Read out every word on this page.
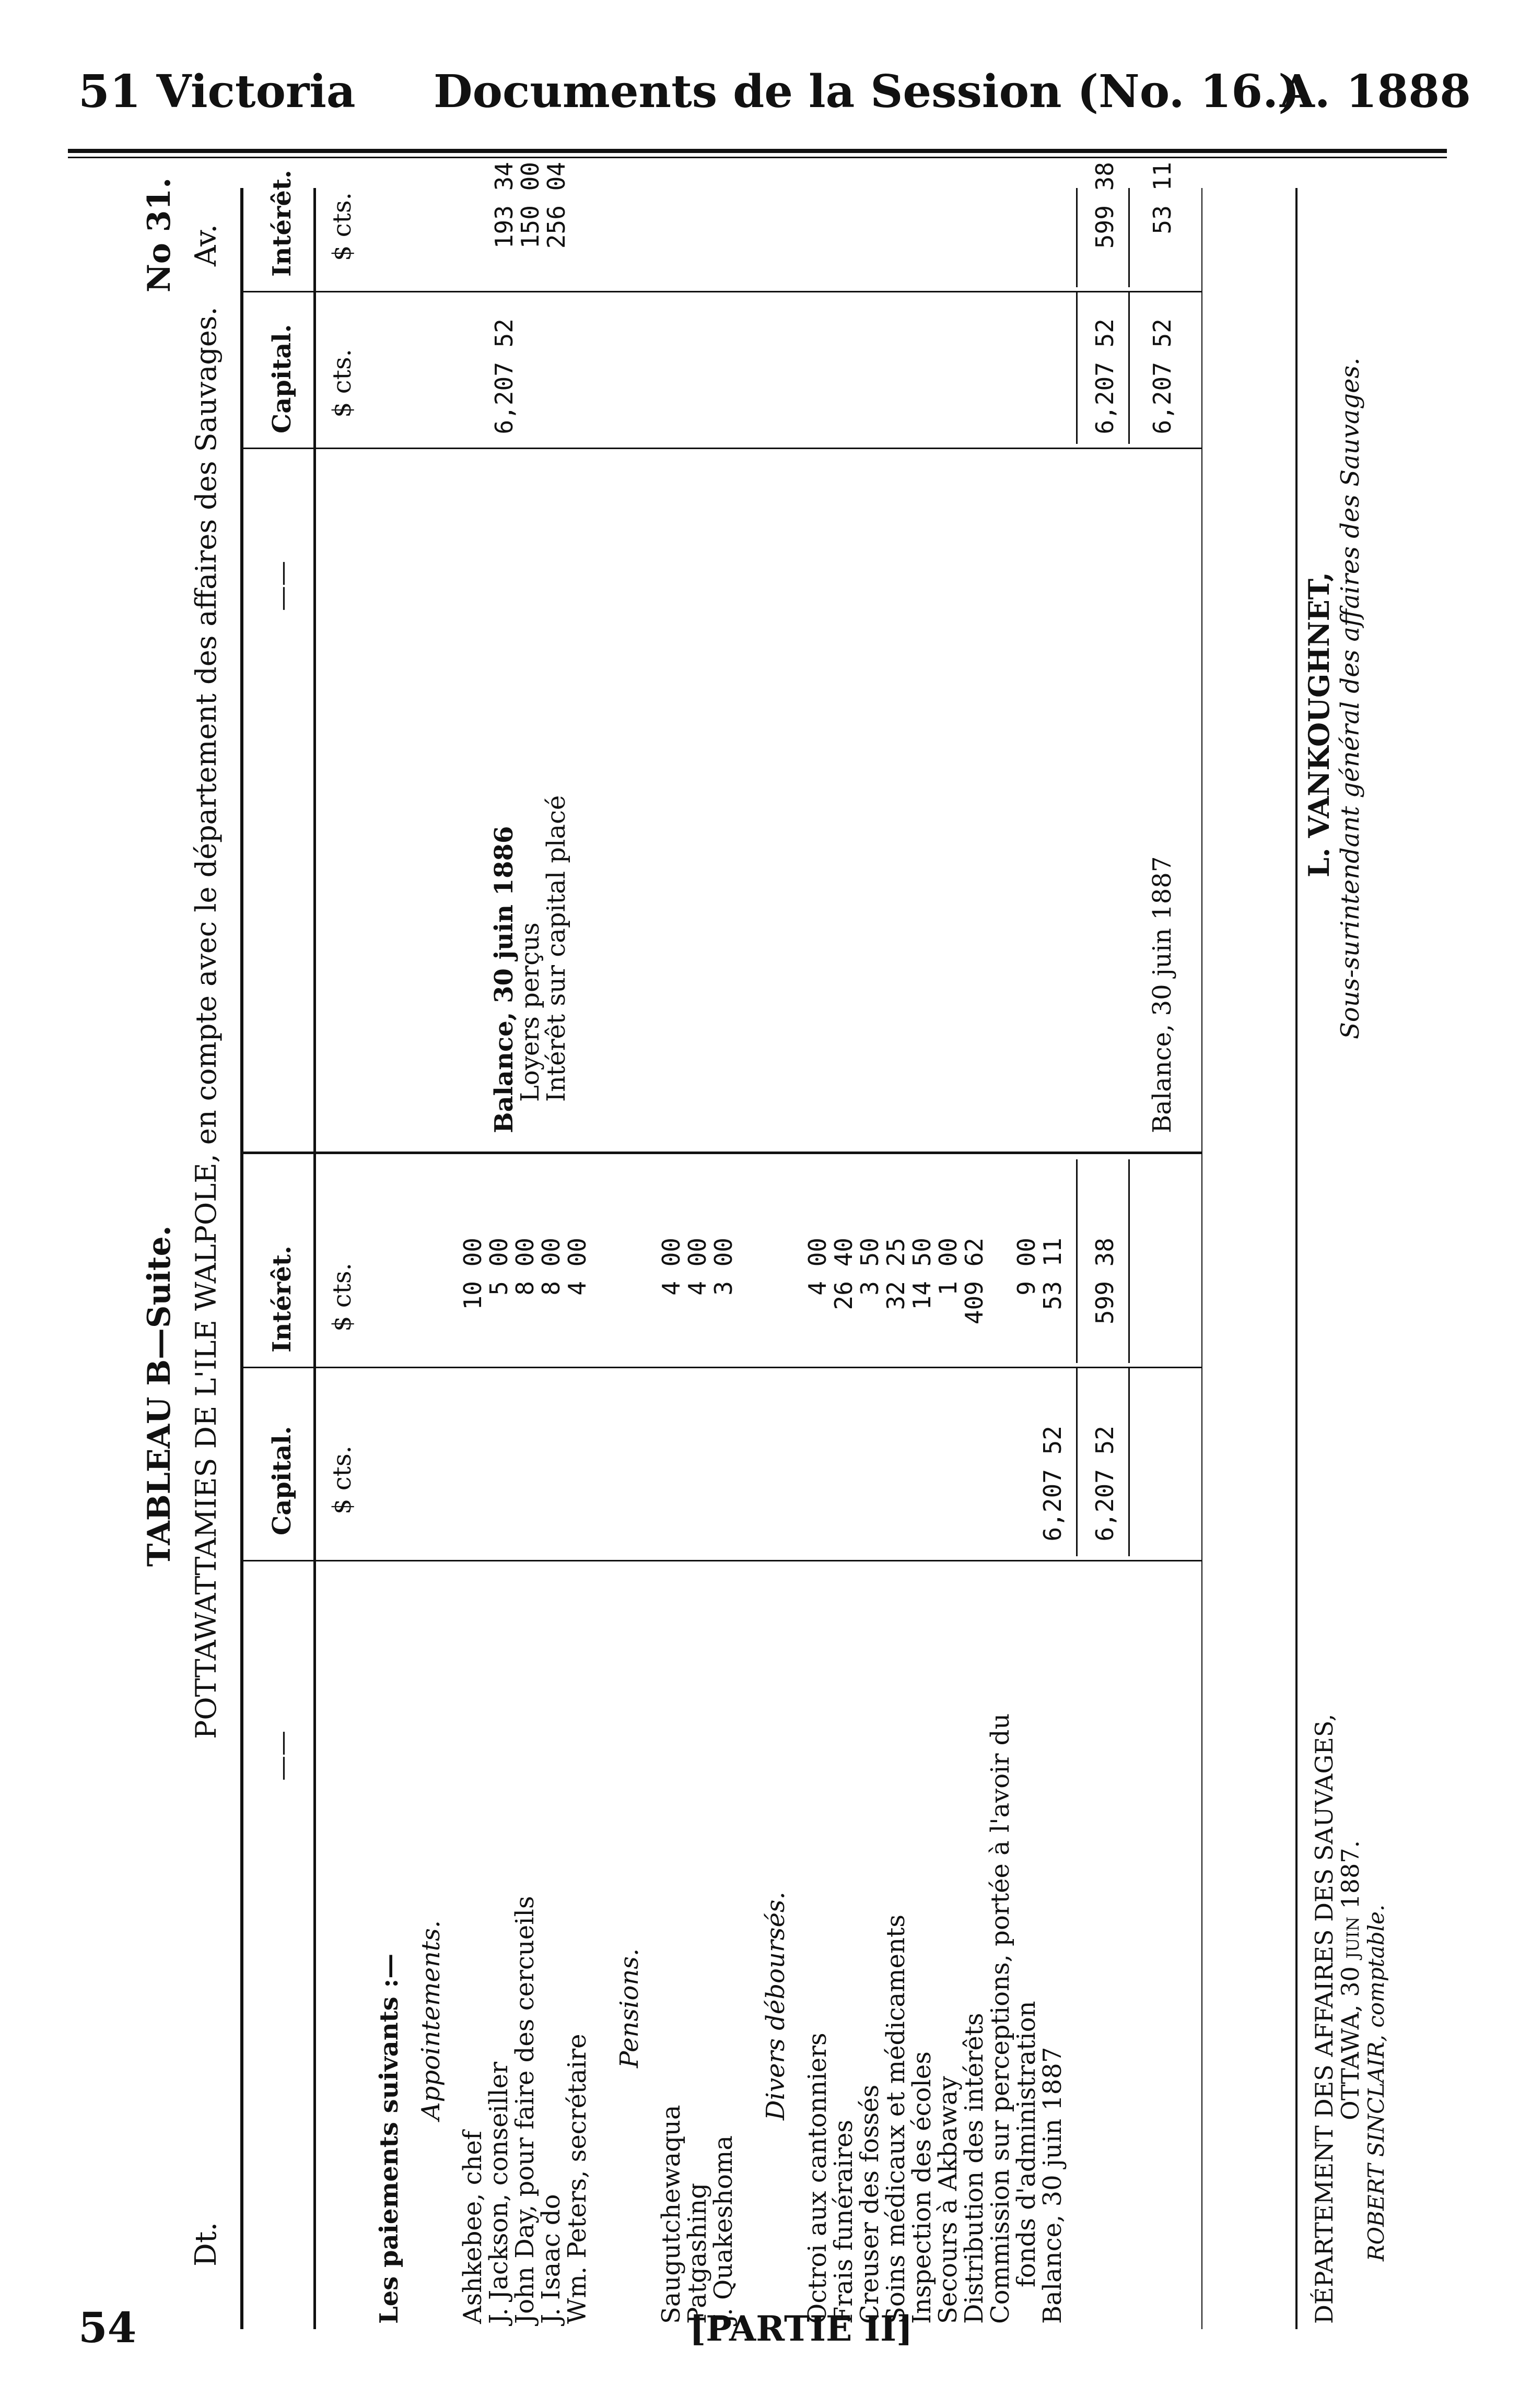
51 Victoria Documents de la Session (No. 16.)
A. 1888
TABLEAU B—Suite. POTTAWATTAMIES DE L'ILE WALPOLE, en compte avec le département des affaires des Sauvages.
No 31.
Dt.
Av.
——
Capital.
Intérêt.
$ cts.
$ cts.
——
Capital.
Intérêt.
$ cts.
$ cts.
Les paiements suivants :— Appointements.
Ashkebee, chef
10 00
J. Jackson, conseiller
5 00
John Day, pour faire des cercueils
8 00
J. Isaac do
8 00
Wm. Peters, secrétaire
4 00
Pensions.
Saugutchewaqua
4 00
Patgashing
4 00
J. Quakeshoma
3 00
Divers déboursés.
Octroi aux cantonniers
4 00
Frais funéraires
26 40
Creuser des fossés
3 50
Soins médicaux et médicaments
32 25
Inspection des écoles
14 50
Secours à Akbaway
1 00
Distribution des intérêts
409 62
Commission sur perceptions, portée à l'avoir du
fonds d'administration
9 00
Balance, 30 juin 1887
6,207 52
53 11
6,207 52
599 38
Balance, 30 juin 1886
6,207 52
193 34
Loyers perçus
150 00
Intérêt sur capital placé
256 04
6,207 52
599 38
Balance, 30 juin 1887
6,207 52
53 11
DÉPARTEMENT DES AFFAIRES DES SAUVAGES,
OTTAWA, 30 juin 1887.
ROBERT SINCLAIR, comptable.
L. VANKOUGHNET, Sous-surintendant général des affaires des Sauvages.
54	[PARTIE II]
